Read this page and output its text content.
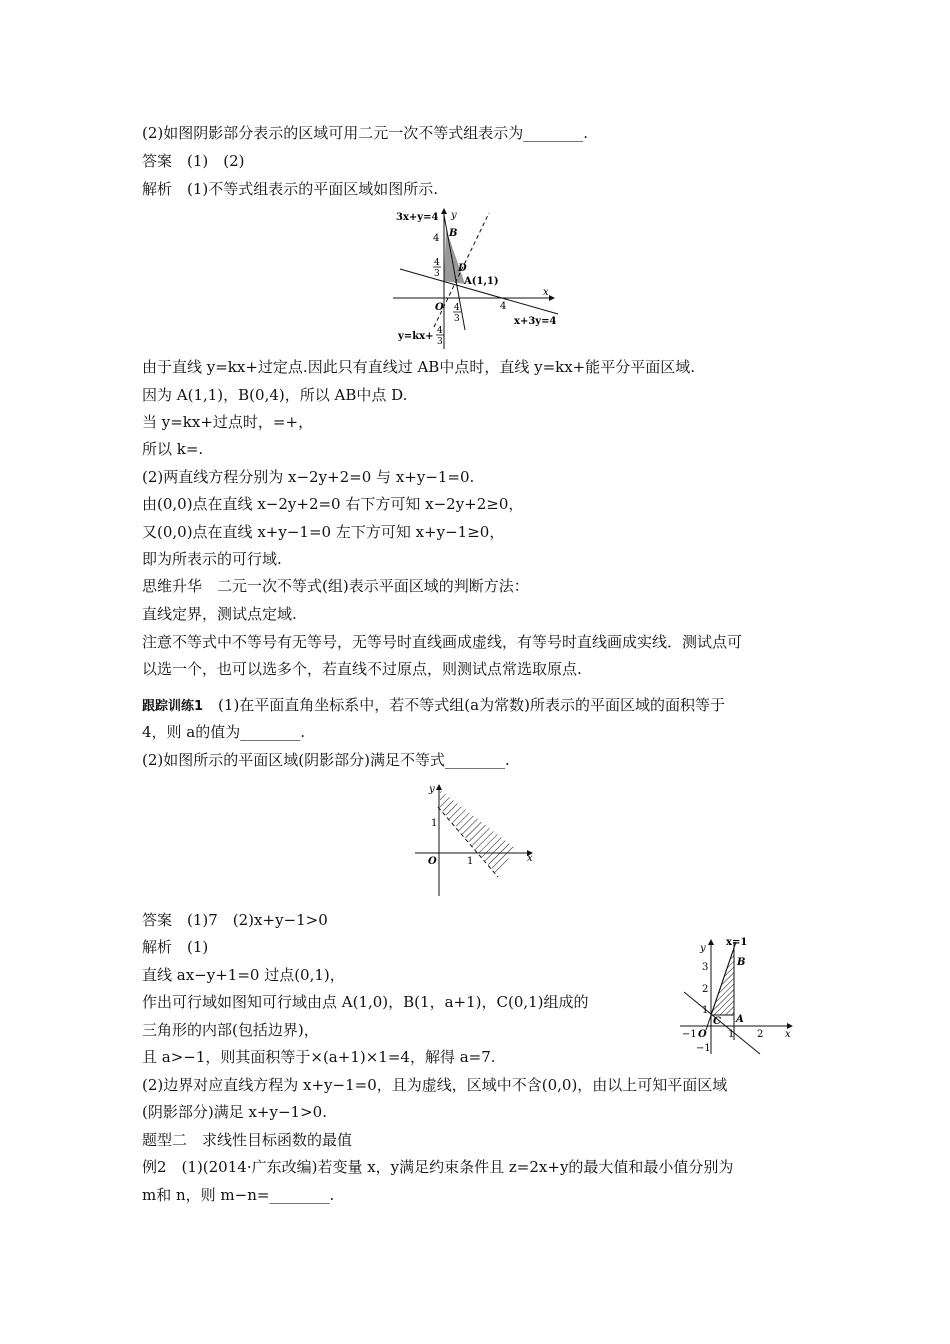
(2)如图阴影部分表示的区域可用二元一次不等式组表示为________.
答案　(1)　(2)
解析　(1)不等式组表示的平面区域如图所示.
3x+y=4 y
4 B
4
3 D
A(1,1)
O 4
3
4
x
x+3y=4
y=kx+ 4
3
由于直线 y=kx+过定点.因此只有直线过 AB中点时，直线 y=kx+能平分平面区域.
因为 A(1,1)，B(0,4)，所以 AB中点 D.
当 y=kx+过点时，=+，
所以 k=.
(2)两直线方程分别为 x−2y+2=0 与 x+y−1=0.
由(0,0)点在直线 x−2y+2=0 右下方可知 x−2y+2≥0，
又(0,0)点在直线 x+y−1=0 左下方可知 x+y−1≥0，
即为所表示的可行域.
思维升华　二元一次不等式(组)表示平面区域的判断方法：
直线定界，测试点定域.
注意不等式中不等号有无等号，无等号时直线画成虚线，有等号时直线画成实线．测试点可
以选一个，也可以选多个，若直线不过原点，则测试点常选取原点.
跟踪训练1　(1)在平面直角坐标系中，若不等式组(a为常数)所表示的平面区域的面积等于
4，则 a的值为________.
(2)如图所示的平面区域(阴影部分)满足不等式________.
y
1
O	1	x
答案　(1)7　(2)x+y−1>0
解析　(1)
直线 ax−y+1=0 过点(0,1)，
作出可行域如图知可行域由点 A(1,0)，B(1，a+1)，C(0,1)组成的
三角形的内部(包括边界)，
且 a>−1，则其面积等于×(a+1)×1=4，解得 a=7.
x=1
y
3	B
2
1
C A
−1 O 1 2 x
−1
(2)边界对应直线方程为 x+y−1=0，且为虚线，区域中不含(0,0)，由以上可知平面区域
(阴影部分)满足 x+y−1>0.
题型二　求线性目标函数的最值
例2　(1)(2014·广东改编)若变量 x，y满足约束条件且 z=2x+y的最大值和最小值分别为
m和 n，则 m−n=________.
